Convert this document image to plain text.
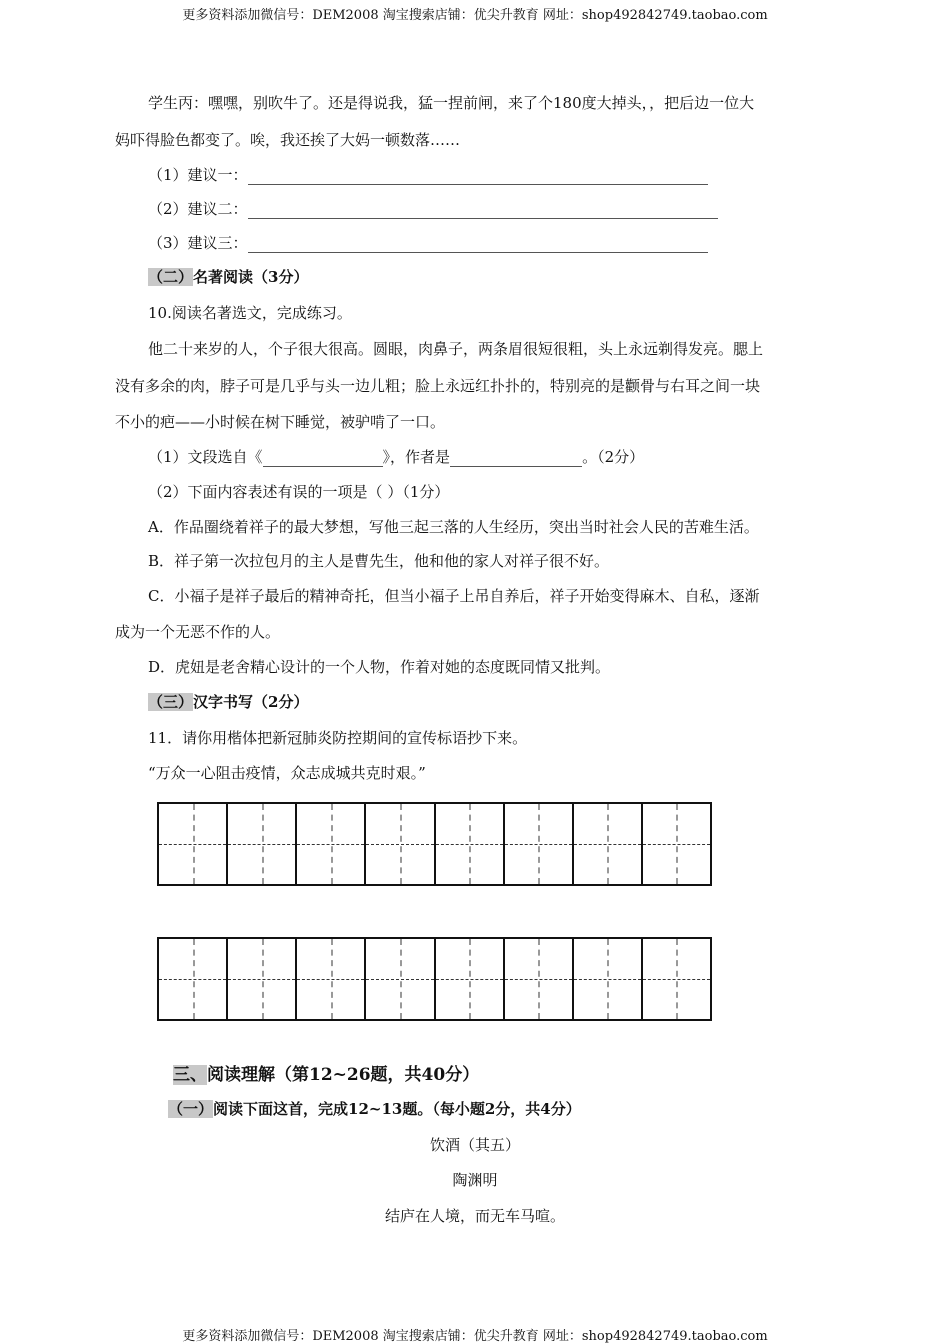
更多资料添加微信号：DEM2008 淘宝搜索店铺：优尖升教育 网址：shop492842749.taobao.com
学生丙：嘿嘿，别吹牛了。还是得说我，猛一捏前闸，来了个180度大掉头，，把后边一位大
妈吓得脸色都变了。唉，我还挨了大妈一顿数落……
（1）建议一：
（2）建议二：
（3）建议三：
（二）名著阅读（3分）
10.阅读名著选文，完成练习。
他二十来岁的人，个子很大很高。圆眼，肉鼻子，两条眉很短很粗，头上永远剃得发亮。腮上
没有多余的肉，脖子可是几乎与头一边儿粗；脸上永远红扑扑的，特别亮的是颧骨与右耳之间一块
不小的疤——小时候在树下睡觉，被驴啃了一口。
（1）文段选自《	》，作者是	。（2分）
（2）下面内容表述有误的一项是（ ）（1分）
A．作品圈绕着祥子的最大梦想，写他三起三落的人生经历，突出当时社会人民的苦难生活。
B．祥子第一次拉包月的主人是曹先生，他和他的家人对祥子很不好。
C．小福子是祥子最后的精神奇托，但当小福子上吊自养后，祥子开始变得麻木、自私，逐渐
成为一个无恶不作的人。
D．虎妞是老舍精心设计的一个人物，作着对她的态度既同情又批判。
（三）汉字书写（2分）
11．请你用楷体把新冠肺炎防控期间的宣传标语抄下来。
“万众一心阻击疫情，众志成城共克时艰。”
三、阅读理解（第12~26题，共40分）
（一）阅读下面这首，完成12~13题。（每小题2分，共4分）
饮酒（其五）
陶渊明
结庐在人境，而无车马喧。
更多资料添加微信号：DEM2008 淘宝搜索店铺：优尖升教育 网址：shop492842749.taobao.com
